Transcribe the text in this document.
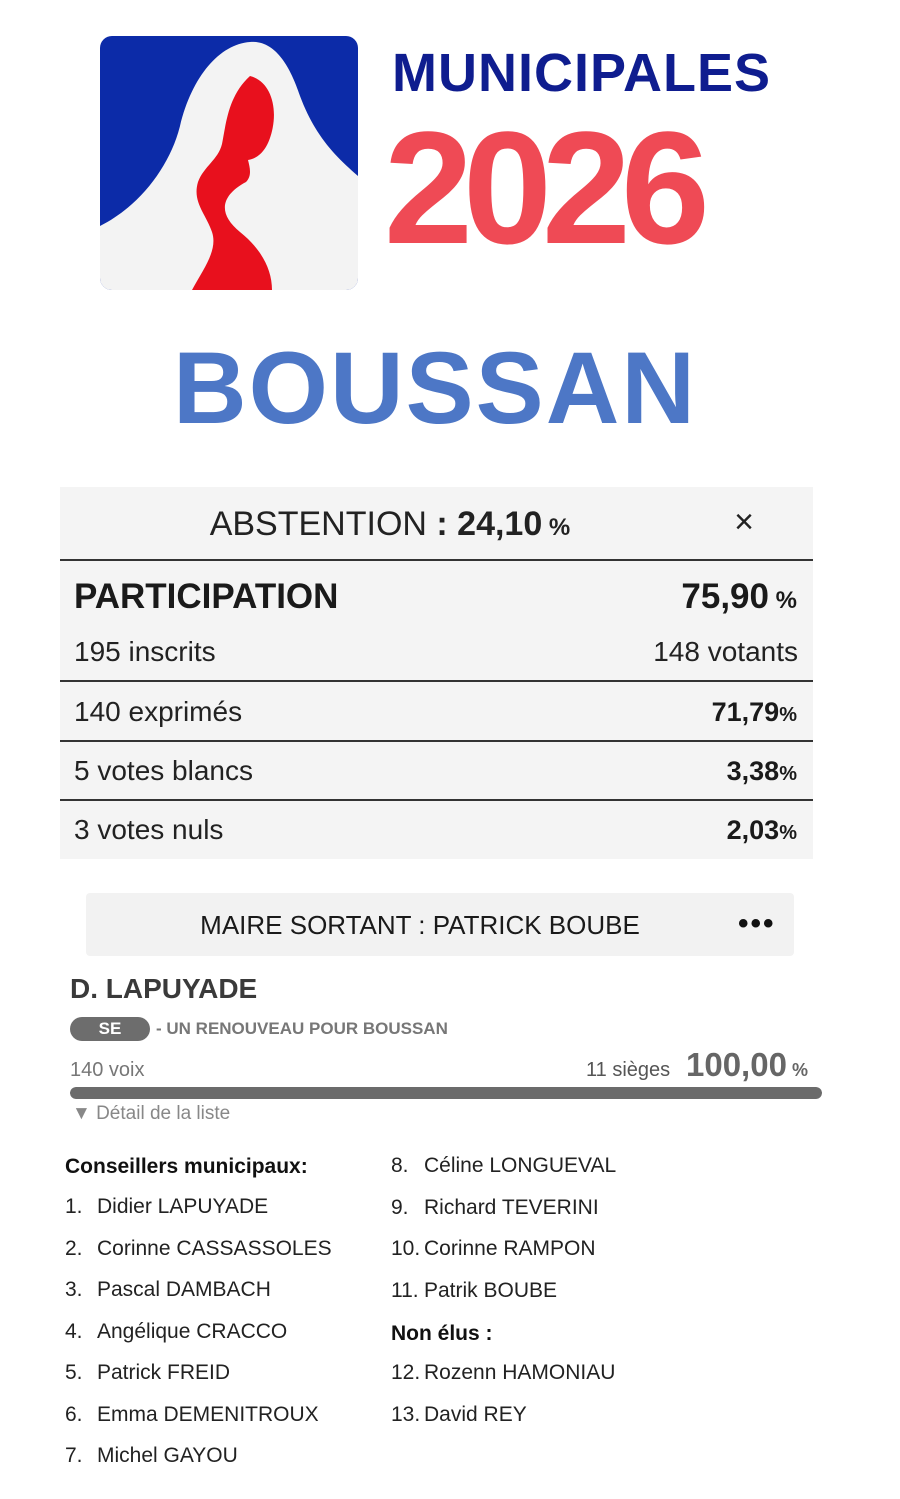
MUNICIPALES
2026
BOUSSAN
ABSTENTION : 24,10 %	×
PARTICIPATION	75,90 %
195 inscrits	148 votants
140 exprimés	71,79%
5 votes blancs	3,38%
3 votes nuls	2,03%
MAIRE SORTANT : PATRICK BOUBE	•••
D. LAPUYADE
SE	- UN RENOUVEAU POUR BOUSSAN
140 voix	11 sièges 100,00 %
▼ Détail de la liste
Conseillers municipaux:
1. Didier LAPUYADE
2. Corinne CASSASSOLES
3. Pascal DAMBACH
4. Angélique CRACCO
5. Patrick FREID
6. Emma DEMENITROUX
7. Michel GAYOU
8. Céline LONGUEVAL
9. Richard TEVERINI
10. Corinne RAMPON
11. Patrik BOUBE
Non élus :
12. Rozenn HAMONIAU
13. David REY
